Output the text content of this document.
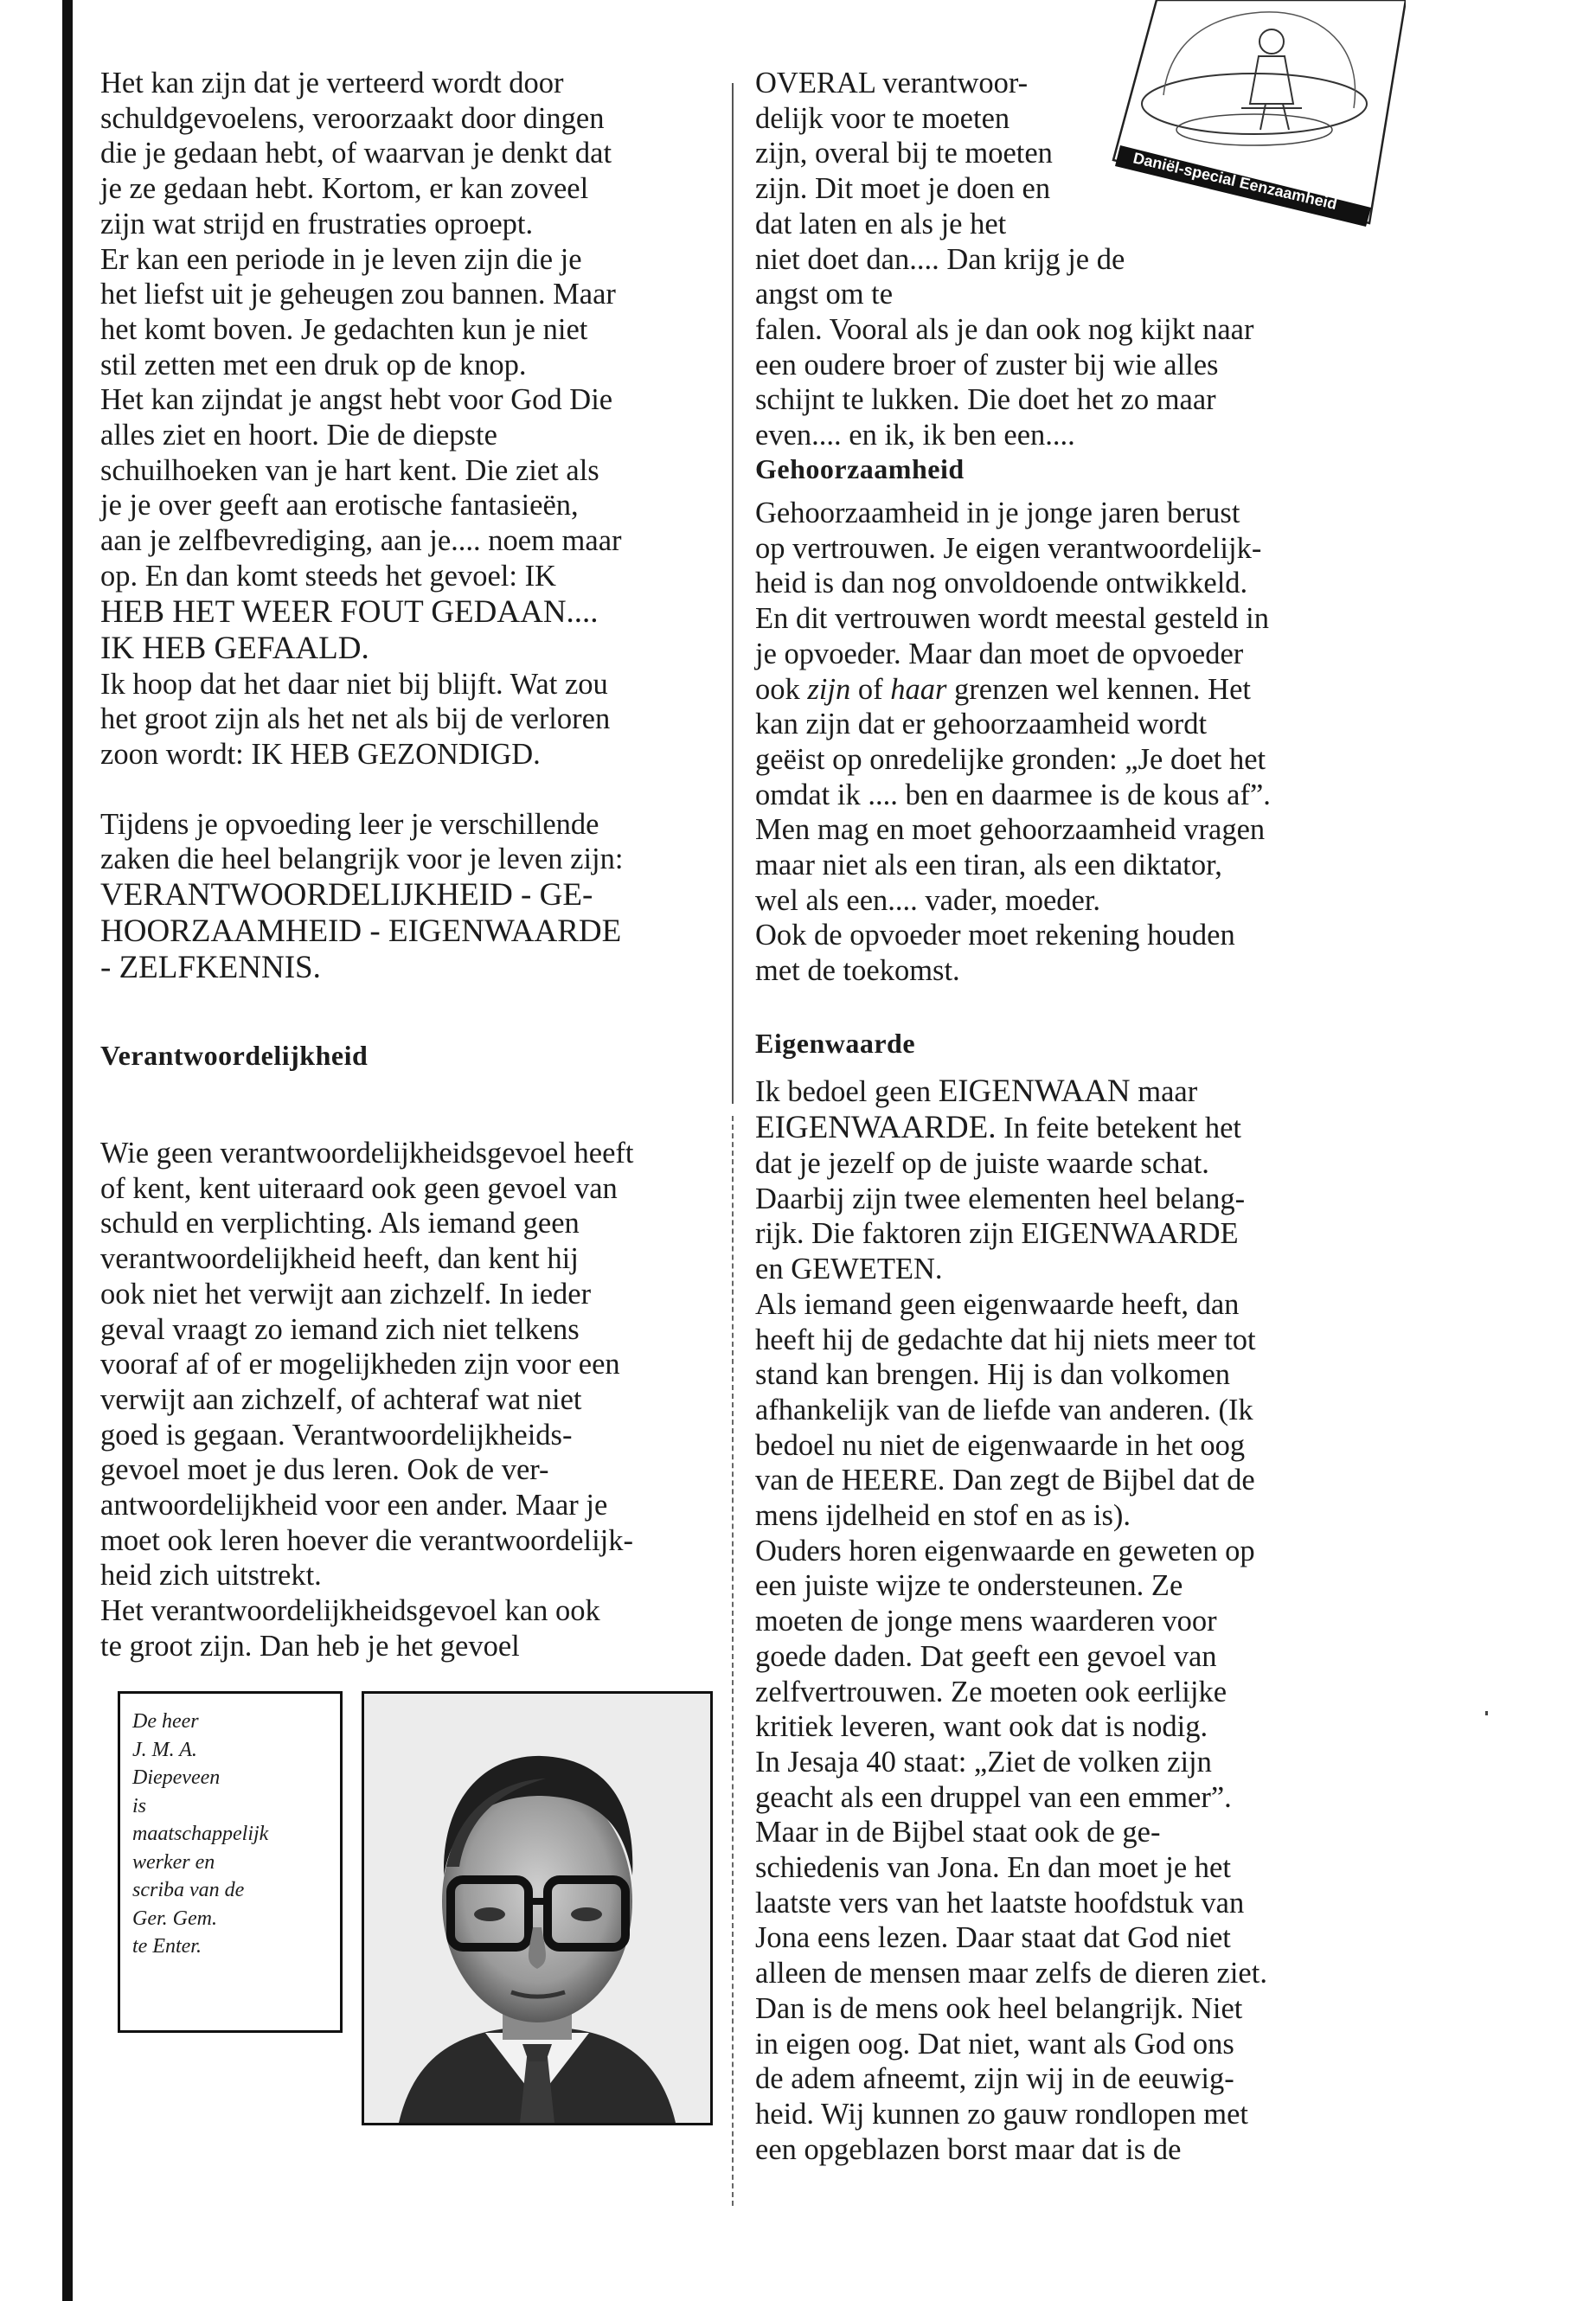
Het kan zijn dat je verteerd wordt door
schuldgevoelens, veroorzaakt door dingen
die je gedaan hebt, of waarvan je denkt dat
je ze gedaan hebt. Kortom, er kan zoveel
zijn wat strijd en frustraties oproept.
Er kan een periode in je leven zijn die je
het liefst uit je geheugen zou bannen. Maar
het komt boven. Je gedachten kun je niet
stil zetten met een druk op de knop.
Het kan zijndat je angst hebt voor God Die
alles ziet en hoort. Die de diepste
schuilhoeken van je hart kent. Die ziet als
je je over geeft aan erotische fantasieën,
aan je zelfbevrediging, aan je.... noem maar
op. En dan komt steeds het gevoel: IK

HEB HET WEER FOUT GEDAAN....
IK HEB GEFAALD.

Ik hoop dat het daar niet bij blijft. Wat zou
het groot zijn als het net als bij de verloren
zoon wordt: IK HEB GEZONDIGD.

Tijdens je opvoeding leer je verschillende
zaken die heel belangrijk voor je leven zijn:

VERANTWOORDELIJKHEID - GE-
HOORZAAMHEID - EIGENWAARDE
- ZELFKENNIS.

Verantwoordelijkheid

Wie geen verantwoordelijkheidsgevoel heeft
of kent, kent uiteraard ook geen gevoel van
schuld en verplichting. Als iemand geen
verantwoordelijkheid heeft, dan kent hij
ook niet het verwijt aan zichzelf. In ieder
geval vraagt zo iemand zich niet telkens
vooraf af of er mogelijkheden zijn voor een
verwijt aan zichzelf, of achteraf wat niet
goed is gegaan. Verantwoordelijkheids-
gevoel moet je dus leren. Ook de ver-
antwoordelijkheid voor een ander. Maar je
moet ook leren hoever die verantwoordelijk-
heid zich uitstrekt.
Het verantwoordelijkheidsgevoel kan ook
te groot zijn. Dan heb je het gevoel

De heer
J. M. A.
Diepeveen
is
maatschappelijk
werker en
scriba van de
Ger. Gem.
te Enter.
Daniël-special Eenzaamheid

OVERAL verantwoor-
delijk voor te moeten
zijn, overal bij te moeten
zijn. Dit moet je doen en
dat laten en als je het

niet doet dan.... Dan krijg je de angst om te
falen. Vooral als je dan ook nog kijkt naar
een oudere broer of zuster bij wie alles
schijnt te lukken. Die doet het zo maar
even.... en ik, ik ben een....

Gehoorzaamheid

Gehoorzaamheid in je jonge jaren berust
op vertrouwen. Je eigen verantwoordelijk-
heid is dan nog onvoldoende ontwikkeld.
En dit vertrouwen wordt meestal gesteld in
je opvoeder. Maar dan moet de opvoeder
ook zijn of haar grenzen wel kennen. Het
kan zijn dat er gehoorzaamheid wordt
geëist op onredelijke gronden: „Je doet het
omdat ik .... ben en daarmee is de kous af”.
Men mag en moet gehoorzaamheid vragen
maar niet als een tiran, als een diktator,
wel als een.... vader, moeder.
Ook de opvoeder moet rekening houden
met de toekomst.

Eigenwaarde

Ik bedoel geen EIGENWAAN maar
EIGENWAARDE. In feite betekent het
dat je jezelf op de juiste waarde schat.
Daarbij zijn twee elementen heel belang-
rijk. Die faktoren zijn EIGENWAARDE
en GEWETEN.
Als iemand geen eigenwaarde heeft, dan
heeft hij de gedachte dat hij niets meer tot
stand kan brengen. Hij is dan volkomen
afhankelijk van de liefde van anderen. (Ik
bedoel nu niet de eigenwaarde in het oog
van de HEERE. Dan zegt de Bijbel dat de
mens ijdelheid en stof en as is).
Ouders horen eigenwaarde en geweten op
een juiste wijze te ondersteunen. Ze
moeten de jonge mens waarderen voor
goede daden. Dat geeft een gevoel van
zelfvertrouwen. Ze moeten ook eerlijke
kritiek leveren, want ook dat is nodig.
In Jesaja 40 staat: „Ziet de volken zijn
geacht als een druppel van een emmer”.
Maar in de Bijbel staat ook de ge-
schiedenis van Jona. En dan moet je het
laatste vers van het laatste hoofdstuk van
Jona eens lezen. Daar staat dat God niet
alleen de mensen maar zelfs de dieren ziet.
Dan is de mens ook heel belangrijk. Niet
in eigen oog. Dat niet, want als God ons
de adem afneemt, zijn wij in de eeuwig-
heid. Wij kunnen zo gauw rondlopen met
een opgeblazen borst maar dat is de
